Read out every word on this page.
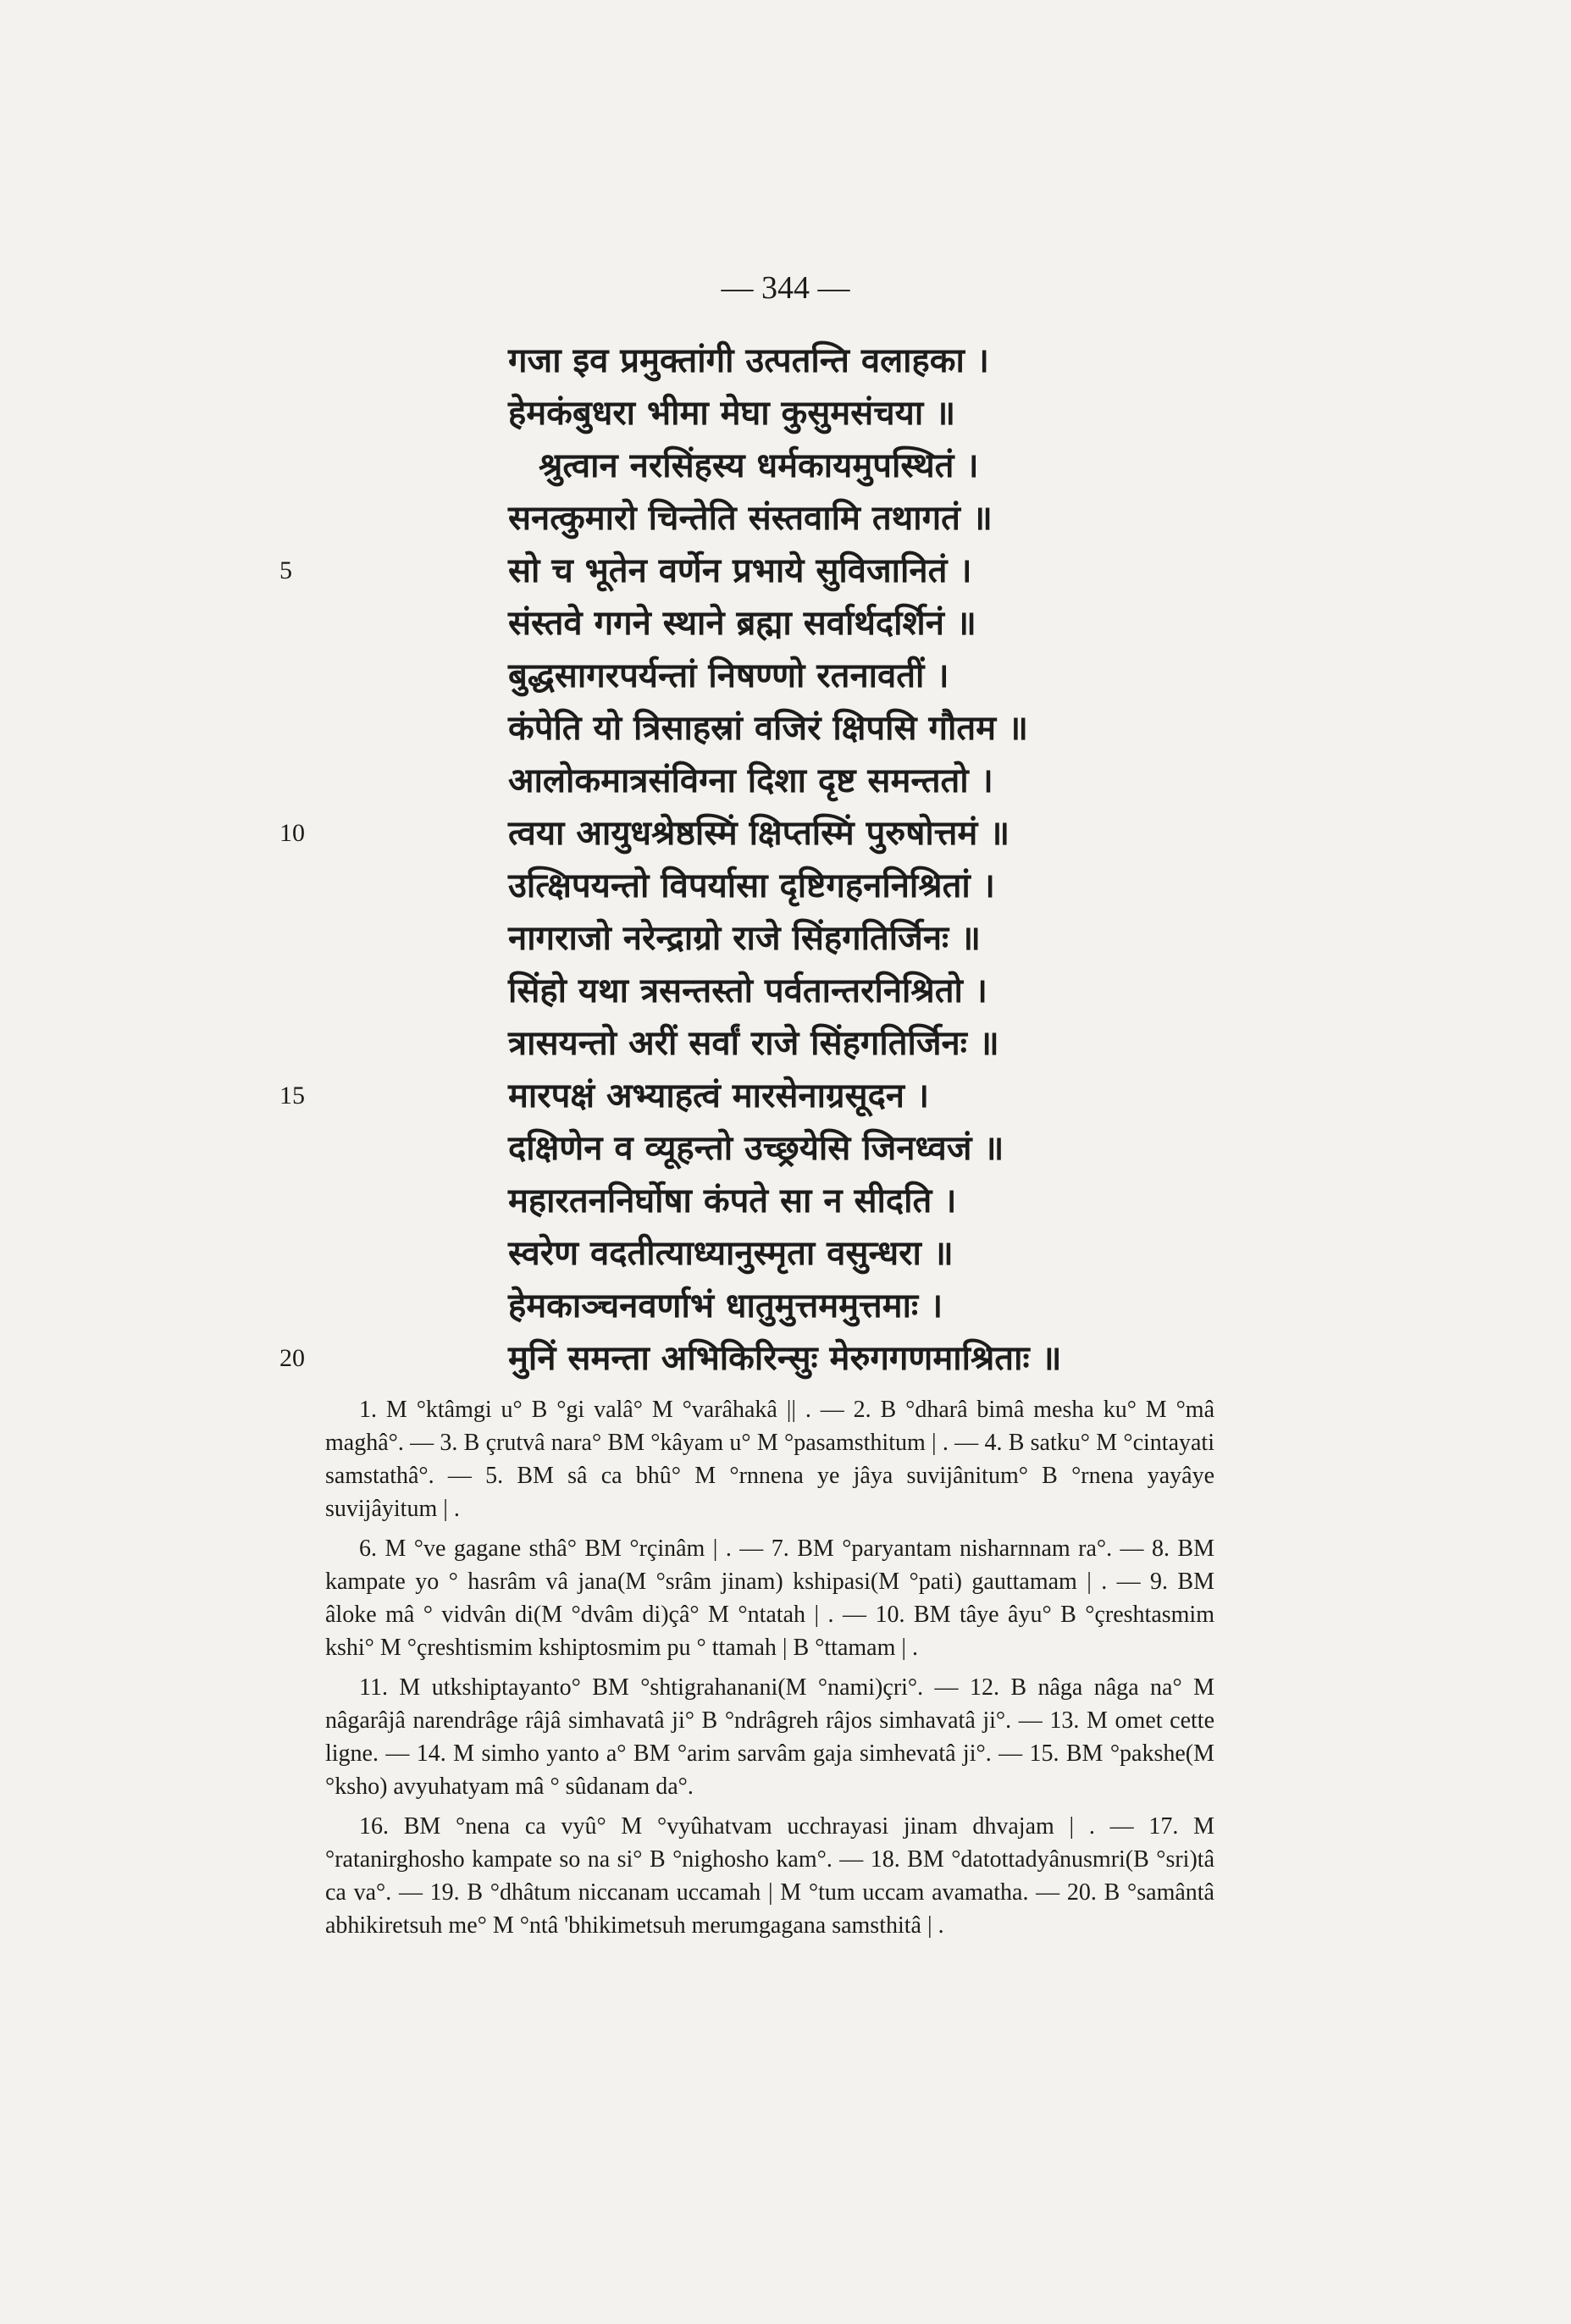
— 344 —
गजा इव प्रमुक्तांगी उत्पतन्ति वलाहका ।
हेमकंबुधरा भीमा मेघा कुसुमसंचया ॥
श्रुत्वान नरसिंहस्य धर्मकायमुपस्थितं ।
सनत्कुमारो चिन्तेति संस्तवामि तथागतं ॥
5	सो च भूतेन वर्णेन प्रभाये सुविजानितं ।
संस्तवे गगने स्थाने ब्रह्मा सर्वार्थदर्शिनं ॥
बुद्धसागरपर्यन्तां निषण्णो रतनावतीं ।
कंपेति यो त्रिसाहस्रां वजिरं क्षिपसि गौतम ॥
आलोकमात्रसंविग्ना दिशा दृष्ट समन्ततो ।
10	त्वया आयुधश्रेष्ठस्मिं क्षिप्तस्मिं पुरुषोत्तमं ॥
उत्क्षिपयन्तो विपर्यासा दृष्टिगहननिश्रितां ।
नागराजो नरेन्द्राग्रो राजे सिंहगतिर्जिनः ॥
सिंहो यथा त्रसन्तस्तो पर्वतान्तरनिश्रितो ।
त्रासयन्तो अरीं सर्वां राजे सिंहगतिर्जिनः ॥
15	मारपक्षं अभ्याहत्वं मारसेनाग्रसूदन ।
दक्षिणेन व व्यूहन्तो उच्छ्रयेसि जिनध्वजं ॥
महारतननिर्घोषा कंपते सा न सीदति ।
स्वरेण वदतीत्याध्यानुस्मृता वसुन्धरा ॥
हेमकाञ्चनवर्णाभं धातुमुत्तममुत्तमाः ।
20	मुनिं समन्ता अभिकिरिन्सुः मेरुगगणमाश्रिताः ॥

1. M °ktâmgi u° B °gi valâ° M °varâhakâ || . — 2. B °dharâ bimâ mesha ku° M °mâ maghâ°. — 3. B çrutvâ nara° BM °kâyam u° M °pasamsthitum | . — 4. B satku° M °cintayati samstathâ°. — 5. BM sâ ca bhû° M °rnnena ye jâya suvijânitum° B °rnena yayâye suvijâyitum | .

6. M °ve gagane sthâ° BM °rçinâm | . — 7. BM °paryantam nisharnnam ra°. — 8. BM kampate yo ° hasrâm vâ jana(M °srâm jinam) kshipasi(M °pati) gauttamam | . — 9. BM âloke mâ ° vidvân di(M °dvâm di)çâ° M °ntatah | . — 10. BM tâye âyu° B °çreshtasmim kshi° M °çreshtismim kshiptosmim pu ° ttamah | B °ttamam | .

11. M utkshiptayanto° BM °shtigrahanani(M °nami)çri°. — 12. B nâga nâga na° M nâgarâjâ narendrâge râjâ simhavatâ ji° B °ndrâgreh râjos simhavatâ ji°. — 13. M omet cette ligne. — 14. M simho yanto a° BM °arim sarvâm gaja simhevatâ ji°. — 15. BM °pakshe(M °ksho) avyuhatyam mâ ° sûdanam da°.

16. BM °nena ca vyû° M °vyûhatvam ucchrayasi jinam dhvajam | . — 17. M °ratanirghosho kampate so na si° B °nighosho kam°. — 18. BM °datottadyânusmri(B °sri)tâ ca va°. — 19. B °dhâtum niccanam uccamah | M °tum uccam avamatha. — 20. B °samântâ abhikiretsuh me° M °ntâ 'bhikimetsuh merumgagana samsthitâ | .
